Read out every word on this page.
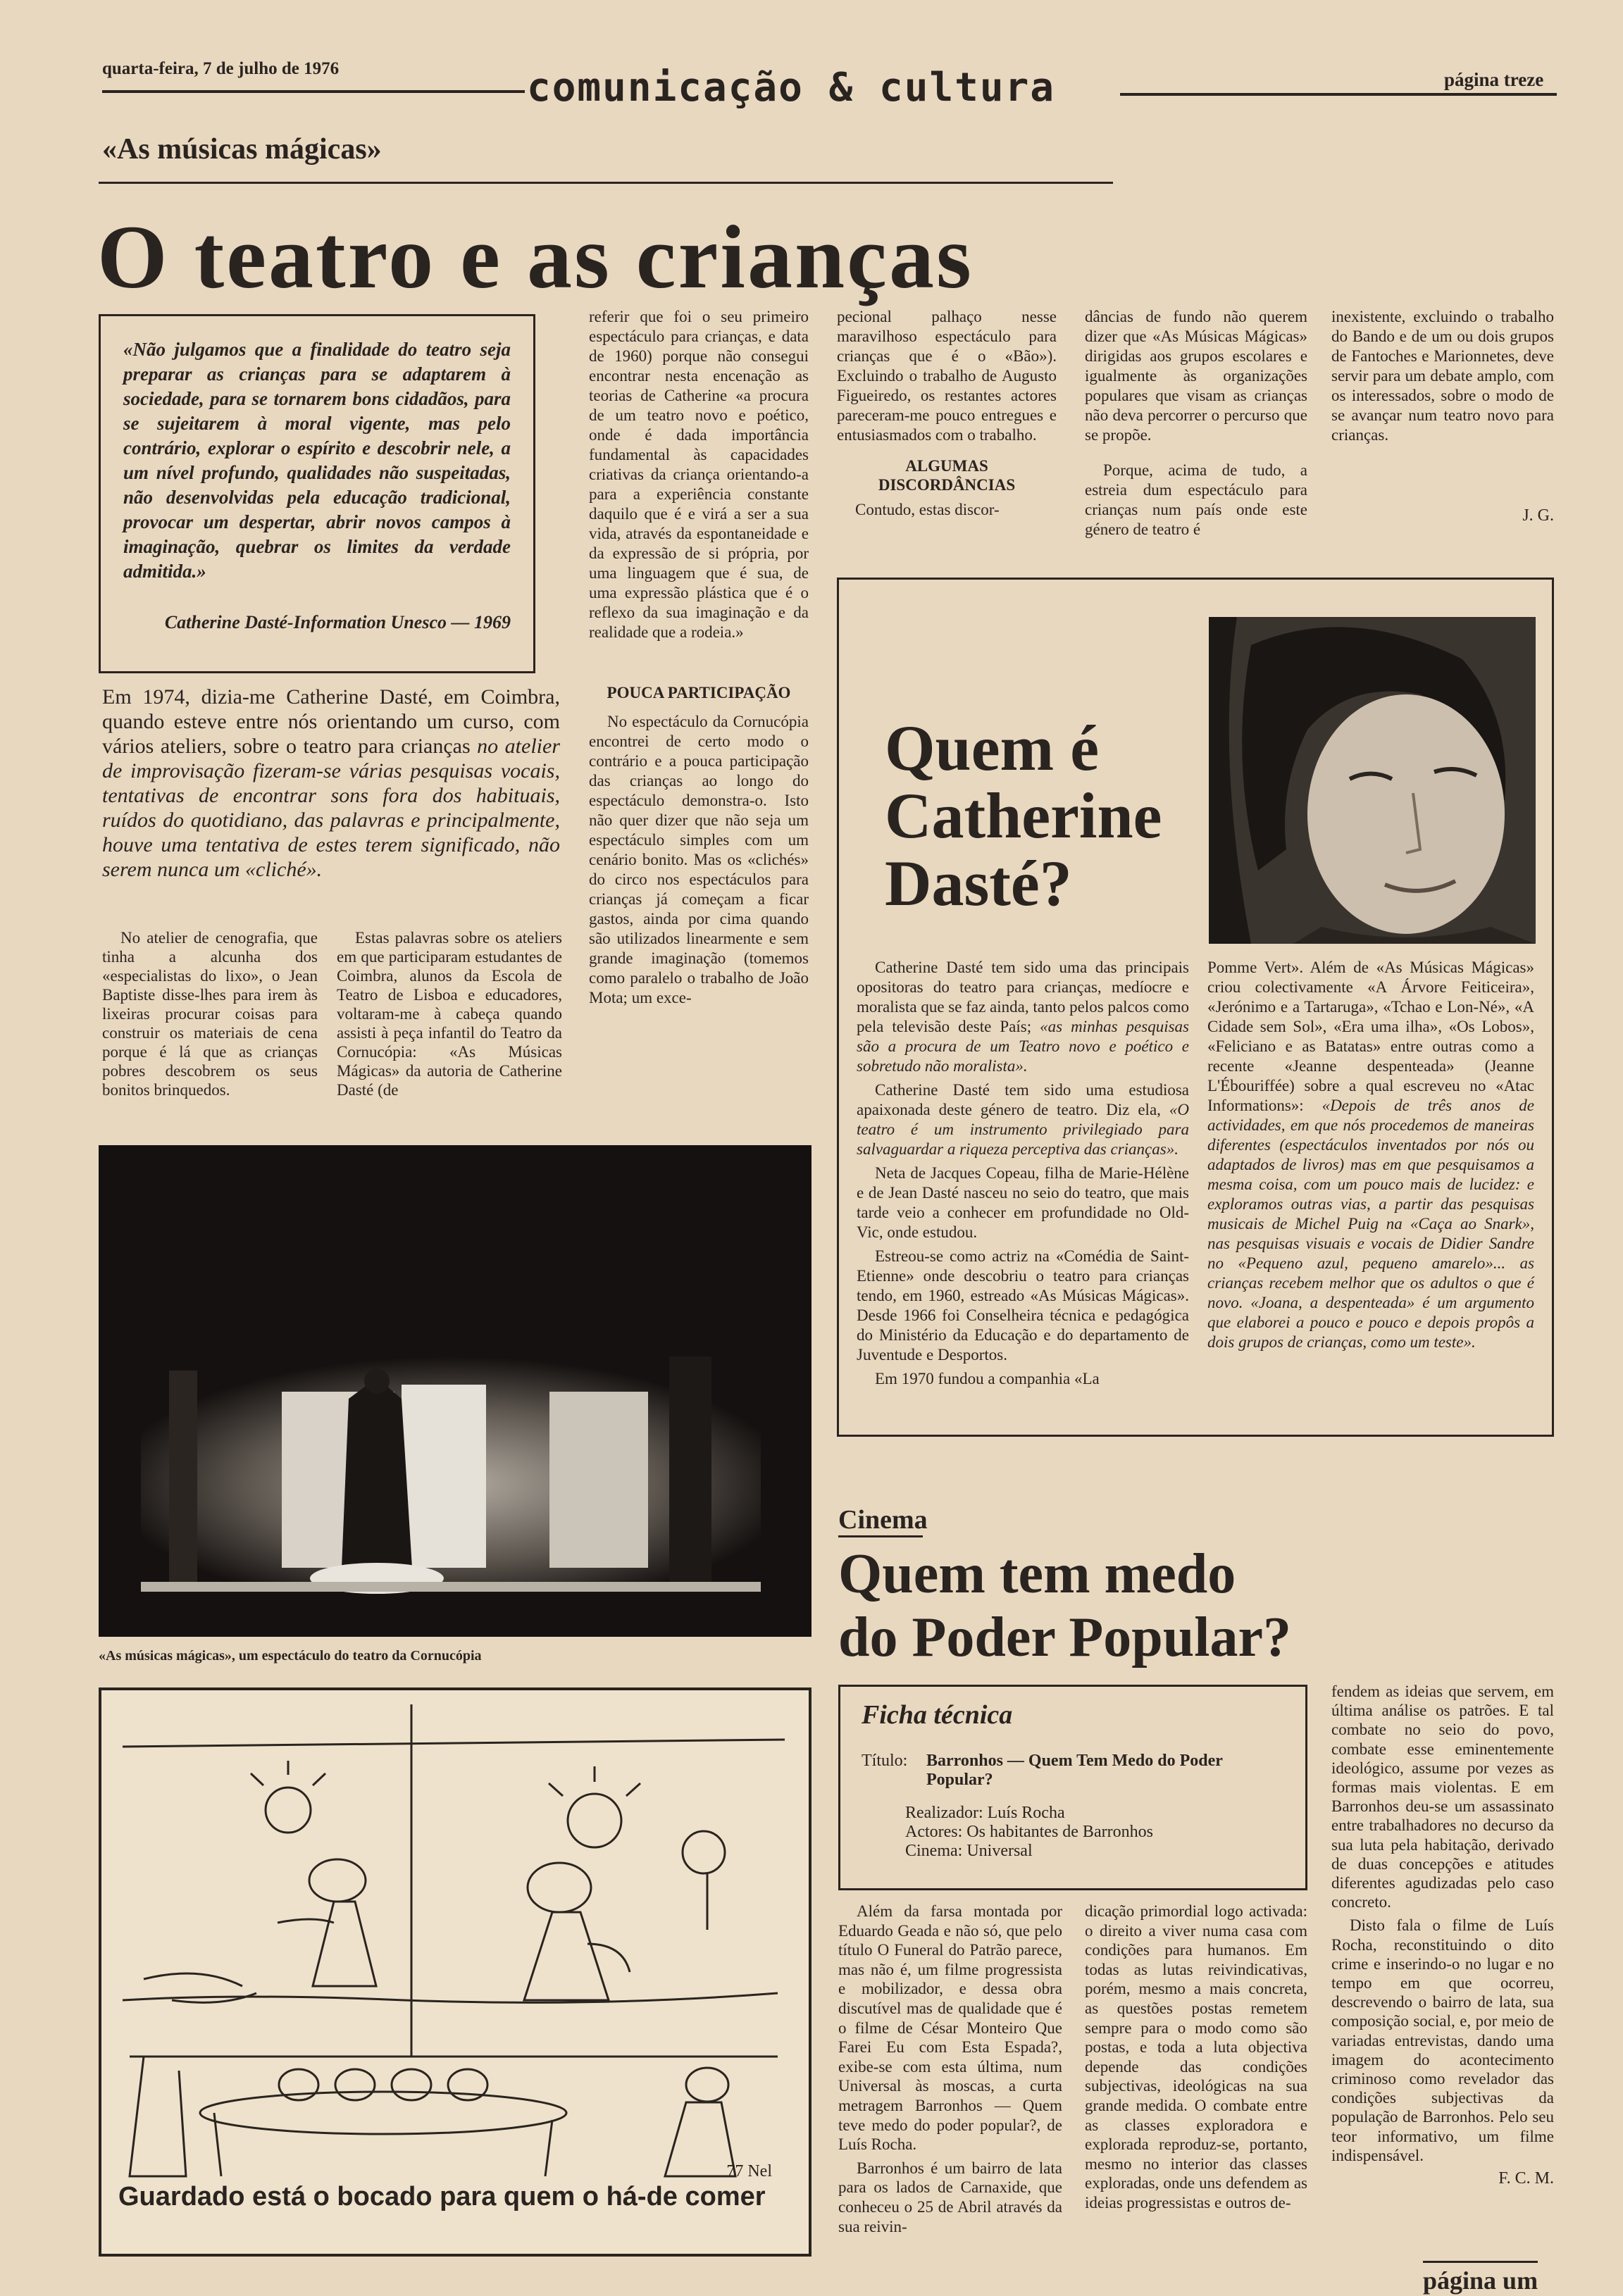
quarta-feira, 7 de julho de 1976	comunicação & cultura	página treze
«As músicas mágicas»
O teatro e as crianças
«Não julgamos que a finalidade do teatro seja preparar as crianças para se adaptarem à sociedade, para se tornarem bons cidadãos, para se sujeitarem à moral vigente, mas pelo contrário, explorar o espírito e descobrir nele, a um nível profundo, qualidades não suspeitadas, não desenvolvidas pela educação tradicional, provocar um despertar, abrir novos campos à imaginação, quebrar os limites da verdade admitida.»
Catherine Dasté-Information Unesco — 1969
Em 1974, dizia-me Catherine Dasté, em Coimbra, quando esteve entre nós orientando um curso, com vários ateliers, sobre o teatro para crianças no atelier de improvisação fizeram-se várias pesquisas vocais, tentativas de encontrar sons fora dos habituais, ruídos do quotidiano, das palavras e principalmente, houve uma tentativa de estes terem significado, não serem nunca um «cliché».

No atelier de cenografia, que tinha a alcunha dos «especialistas do lixo», o Jean Baptiste disse-lhes para irem às lixeiras procurar coisas para construir os materiais de cena porque é lá que as crianças pobres descobrem os seus bonitos brinquedos.

Estas palavras sobre os ateliers em que participaram estudantes de Coimbra, alunos da Escola de Teatro de Lisboa e educadores, voltaram-me à cabeça quando assisti à peça infantil do Teatro da Cornucópia: «As Músicas Mágicas» da autoria de Catherine Dasté (de

referir que foi o seu primeiro espectáculo para crianças, e data de 1960) porque não consegui encontrar nesta encenação as teorias de Catherine «a procura de um teatro novo e poético, onde é dada importância fundamental às capacidades criativas da criança orientando-a para a experiência constante daquilo que é e virá a ser a sua vida, através da espontaneidade e da expressão de si própria, por uma linguagem que é sua, de uma expressão plástica que é o reflexo da sua imaginação e da realidade que a rodeia.»

POUCA PARTICIPAÇÃO

No espectáculo da Cornucópia encontrei de certo modo o contrário e a pouca participação das crianças ao longo do espectáculo demonstra-o. Isto não quer dizer que não seja um espectáculo simples com um cenário bonito. Mas os «clichés» do circo nos espectáculos para crianças já começam a ficar gastos, ainda por cima quando são utilizados linearmente e sem grande imaginação (tomemos como paralelo o trabalho de João Mota; um exce-

pecional palhaço nesse maravilhoso espectáculo para crianças que é o «Bão»). Excluindo o trabalho de Augusto Figueiredo, os restantes actores pareceram-me pouco entregues e entusiasmados com o trabalho.

ALGUMAS DISCORDÂNCIAS

Contudo, estas discor-

dâncias de fundo não querem dizer que «As Músicas Mágicas» dirigidas aos grupos escolares e igualmente às organizações populares que visam as crianças não deva percorrer o percurso que se propõe.

Porque, acima de tudo, a estreia dum espectáculo para crianças num país onde este género de teatro é

inexistente, excluindo o trabalho do Bando e de um ou dois grupos de Fantoches e Marionnetes, deve servir para um debate amplo, com os interessados, sobre o modo de se avançar num teatro novo para crianças.

J. G.
«As músicas mágicas», um espectáculo do teatro da Cornucópia
77 Nel
Guardado está o bocado para quem o há-de comer
Quem é
Catherine
Dasté?

Catherine Dasté tem sido uma das principais opositoras do teatro para crianças, medíocre e moralista que se faz ainda, tanto pelos palcos como pela televisão deste País; «as minhas pesquisas são a procura de um Teatro novo e poético e sobretudo não moralista».

Catherine Dasté tem sido uma estudiosa apaixonada deste género de teatro. Diz ela, «O teatro é um instrumento privilegiado para salvaguardar a riqueza perceptiva das crianças».

Neta de Jacques Copeau, filha de Marie-Hélène e de Jean Dasté nasceu no seio do teatro, que mais tarde veio a conhecer em profundidade no Old-Vic, onde estudou.

Estreou-se como actriz na «Comédia de Saint-Etienne» onde descobriu o teatro para crianças tendo, em 1960, estreado «As Músicas Mágicas». Desde 1966 foi Conselheira técnica e pedagógica do Ministério da Educação e do departamento de Juventude e Desportos.

Em 1970 fundou a companhia «La

Pomme Vert». Além de «As Músicas Mágicas» criou colectivamente «A Árvore Feiticeira», «Jerónimo e a Tartaruga», «Tchao e Lon-Né», «A Cidade sem Sol», «Era uma ilha», «Os Lobos», «Feliciano e as Batatas» entre outras como a recente «Jeanne despenteada» (Jeanne L'Ébouriffée) sobre a qual escreveu no «Atac Informations»: «Depois de três anos de actividades, em que nós procedemos de maneiras diferentes (espectáculos inventados por nós ou adaptados de livros) mas em que pesquisamos a mesma coisa, com um pouco mais de lucidez: e exploramos outras vias, a partir das pesquisas musicais de Michel Puig na «Caça ao Snark», nas pesquisas visuais e vocais de Didier Sandre no «Pequeno azul, pequeno amarelo»... as crianças recebem melhor que os adultos o que é novo. «Joana, a despenteada» é um argumento que elaborei a pouco e pouco e depois propôs a dois grupos de crianças, como um teste».

Cinema
Quem tem medo
do Poder Popular?
Ficha técnica
Título:	Barronhos — Quem Tem Medo do Poder Popular?
Realizador: Luís Rocha
Actores: Os habitantes de Barronhos
Cinema: Universal

Além da farsa montada por Eduardo Geada e não só, que pelo título O Funeral do Patrão parece, mas não é, um filme progressista e mobilizador, e dessa obra discutível mas de qualidade que é o filme de César Monteiro Que Farei Eu com Esta Espada?, exibe-se com esta última, num Universal às moscas, a curta metragem Barronhos — Quem teve medo do poder popular?, de Luís Rocha.

Barronhos é um bairro de lata para os lados de Carnaxide, que conheceu o 25 de Abril através da sua reivin-

dicação primordial logo activada: o direito a viver numa casa com condições para humanos. Em todas as lutas reivindicativas, porém, mesmo a mais concreta, as questões postas remetem sempre para o modo como são postas, e toda a luta objectiva depende das condições subjectivas, ideológicas na sua grande medida. O combate entre as classes exploradora e explorada reproduz-se, portanto, mesmo no interior das classes exploradas, onde uns defendem as ideias progressistas e outros de-

fendem as ideias que servem, em última análise os patrões. E tal combate no seio do povo, combate esse eminentemente ideológico, assume por vezes as formas mais violentas. E em Barronhos deu-se um assassinato entre trabalhadores no decurso da sua luta pela habitação, derivado de duas concepções e atitudes diferentes agudizadas pelo caso concreto.

Disto fala o filme de Luís Rocha, reconstituindo o dito crime e inserindo-o no lugar e no tempo em que ocorreu, descrevendo o bairro de lata, sua composição social, e, por meio de variadas entrevistas, dando uma imagem do acontecimento criminoso como revelador das condições subjectivas da população de Barronhos. Pelo seu teor informativo, um filme indispensável.

F. C. M.
página um
